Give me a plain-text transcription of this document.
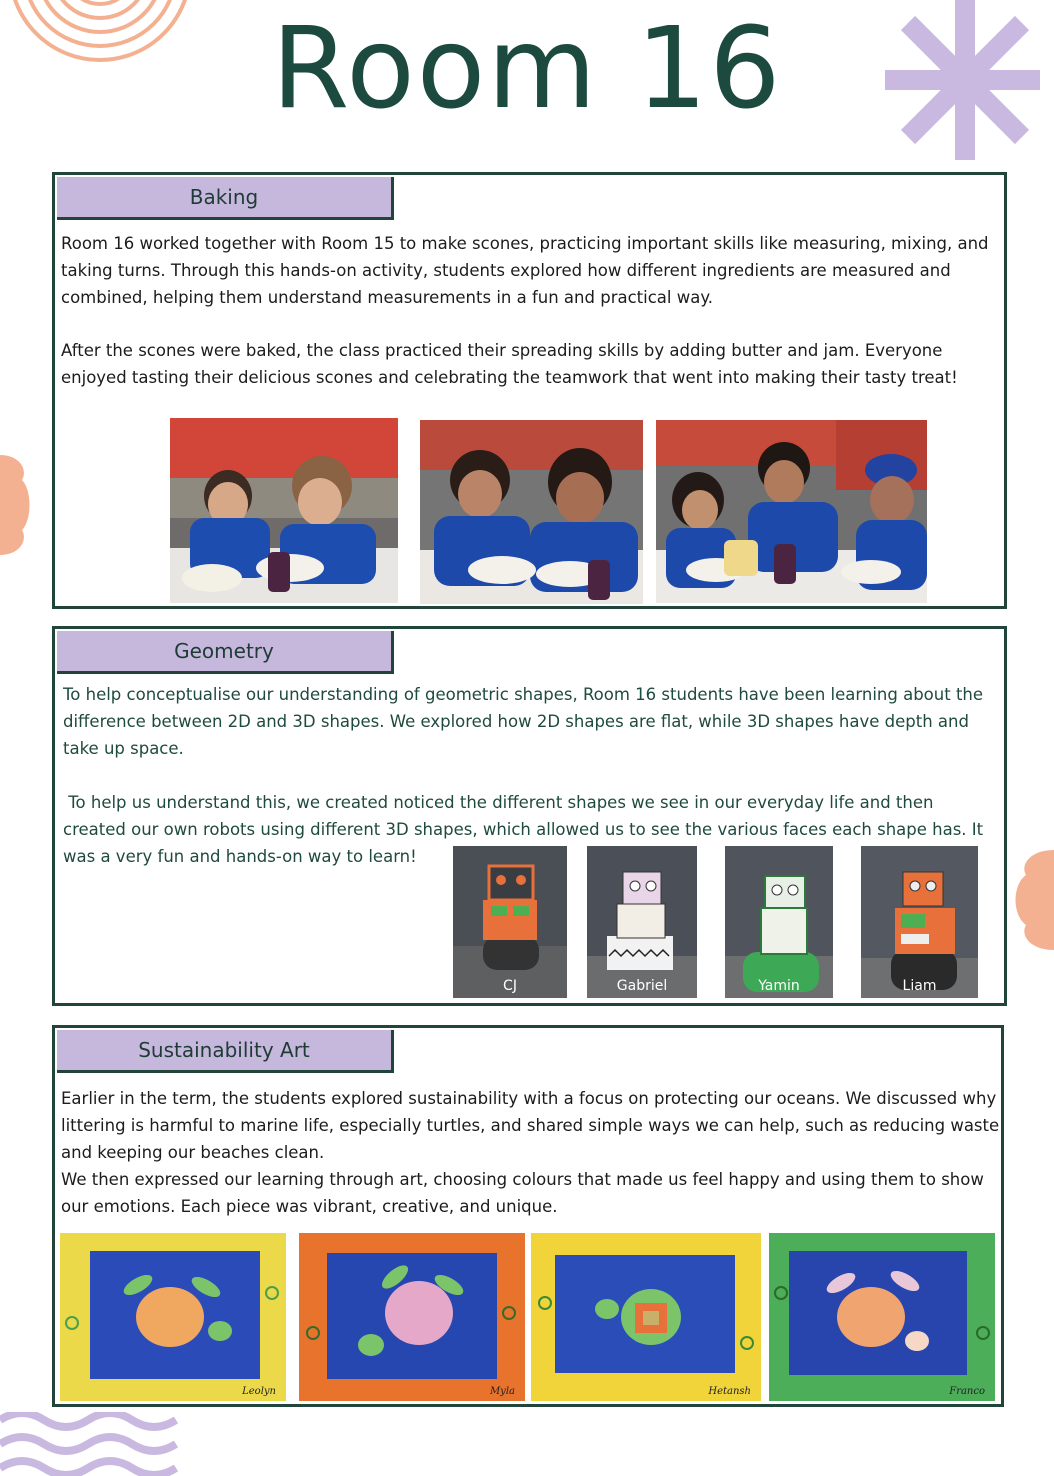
Room 16
Baking

Room 16 worked together with Room 15 to make scones, practicing important skills like measuring, mixing, and taking turns. Through this hands-on activity, students explored how different ingredients are measured and combined, helping them understand measurements in a fun and practical way.

After the scones were baked, the class practiced their spreading skills by adding butter and jam. Everyone enjoyed tasting their delicious scones and celebrating the teamwork that went into making their tasty treat!

Geometry

To help conceptualise our understanding of geometric shapes, Room 16 students have been learning about the difference between 2D and 3D shapes. We explored how 2D shapes are flat, while 3D shapes have depth and take up space.

To help us understand this, we created noticed the different shapes we see in our everyday life and then created our own robots using different 3D shapes, which allowed us to see the various faces each shape has. It was a very fun and hands-on way to learn!

CJ	Gabriel	Yamin	Liam
Sustainability Art

Earlier in the term, the students explored sustainability with a focus on protecting our oceans. We discussed why littering is harmful to marine life, especially turtles, and shared simple ways we can help, such as reducing waste and keeping our beaches clean.

We then expressed our learning through art, choosing colours that made us feel happy and using them to show our emotions. Each piece was vibrant, creative, and unique.

Leolyn	Myla	Hetansh	Franco
